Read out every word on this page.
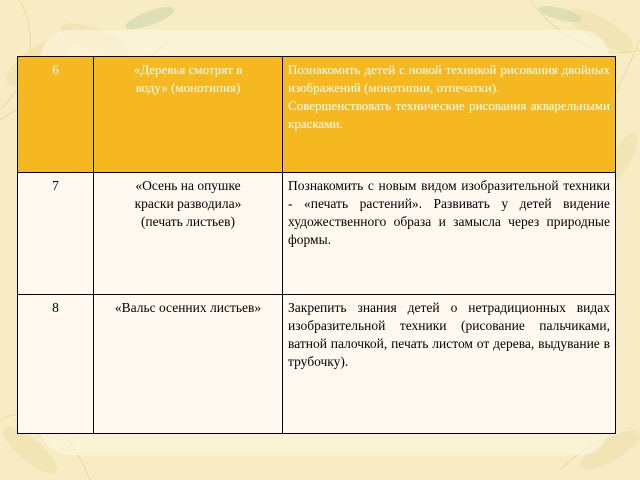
6	«Деревья смотрят в
воду» (монотипия)	Познакомить детей с новой техникой рисования двойных изображений (монотипии, отпечатки).
Совершенствовать технические рисования акварельными красками.

7	«Осень на опушке
краски разводила»
(печать листьев)	Познакомить с новым видом изобразительной техники - «печать растений». Развивать у детей видение художественного образа и замысла через природные формы.

8	«Вальс осенних листьев»	Закрепить знания детей о нетрадиционных видах изобразительной техники (рисование пальчиками, ватной палочкой, печать листом от дерева, выдувание в трубочку).
